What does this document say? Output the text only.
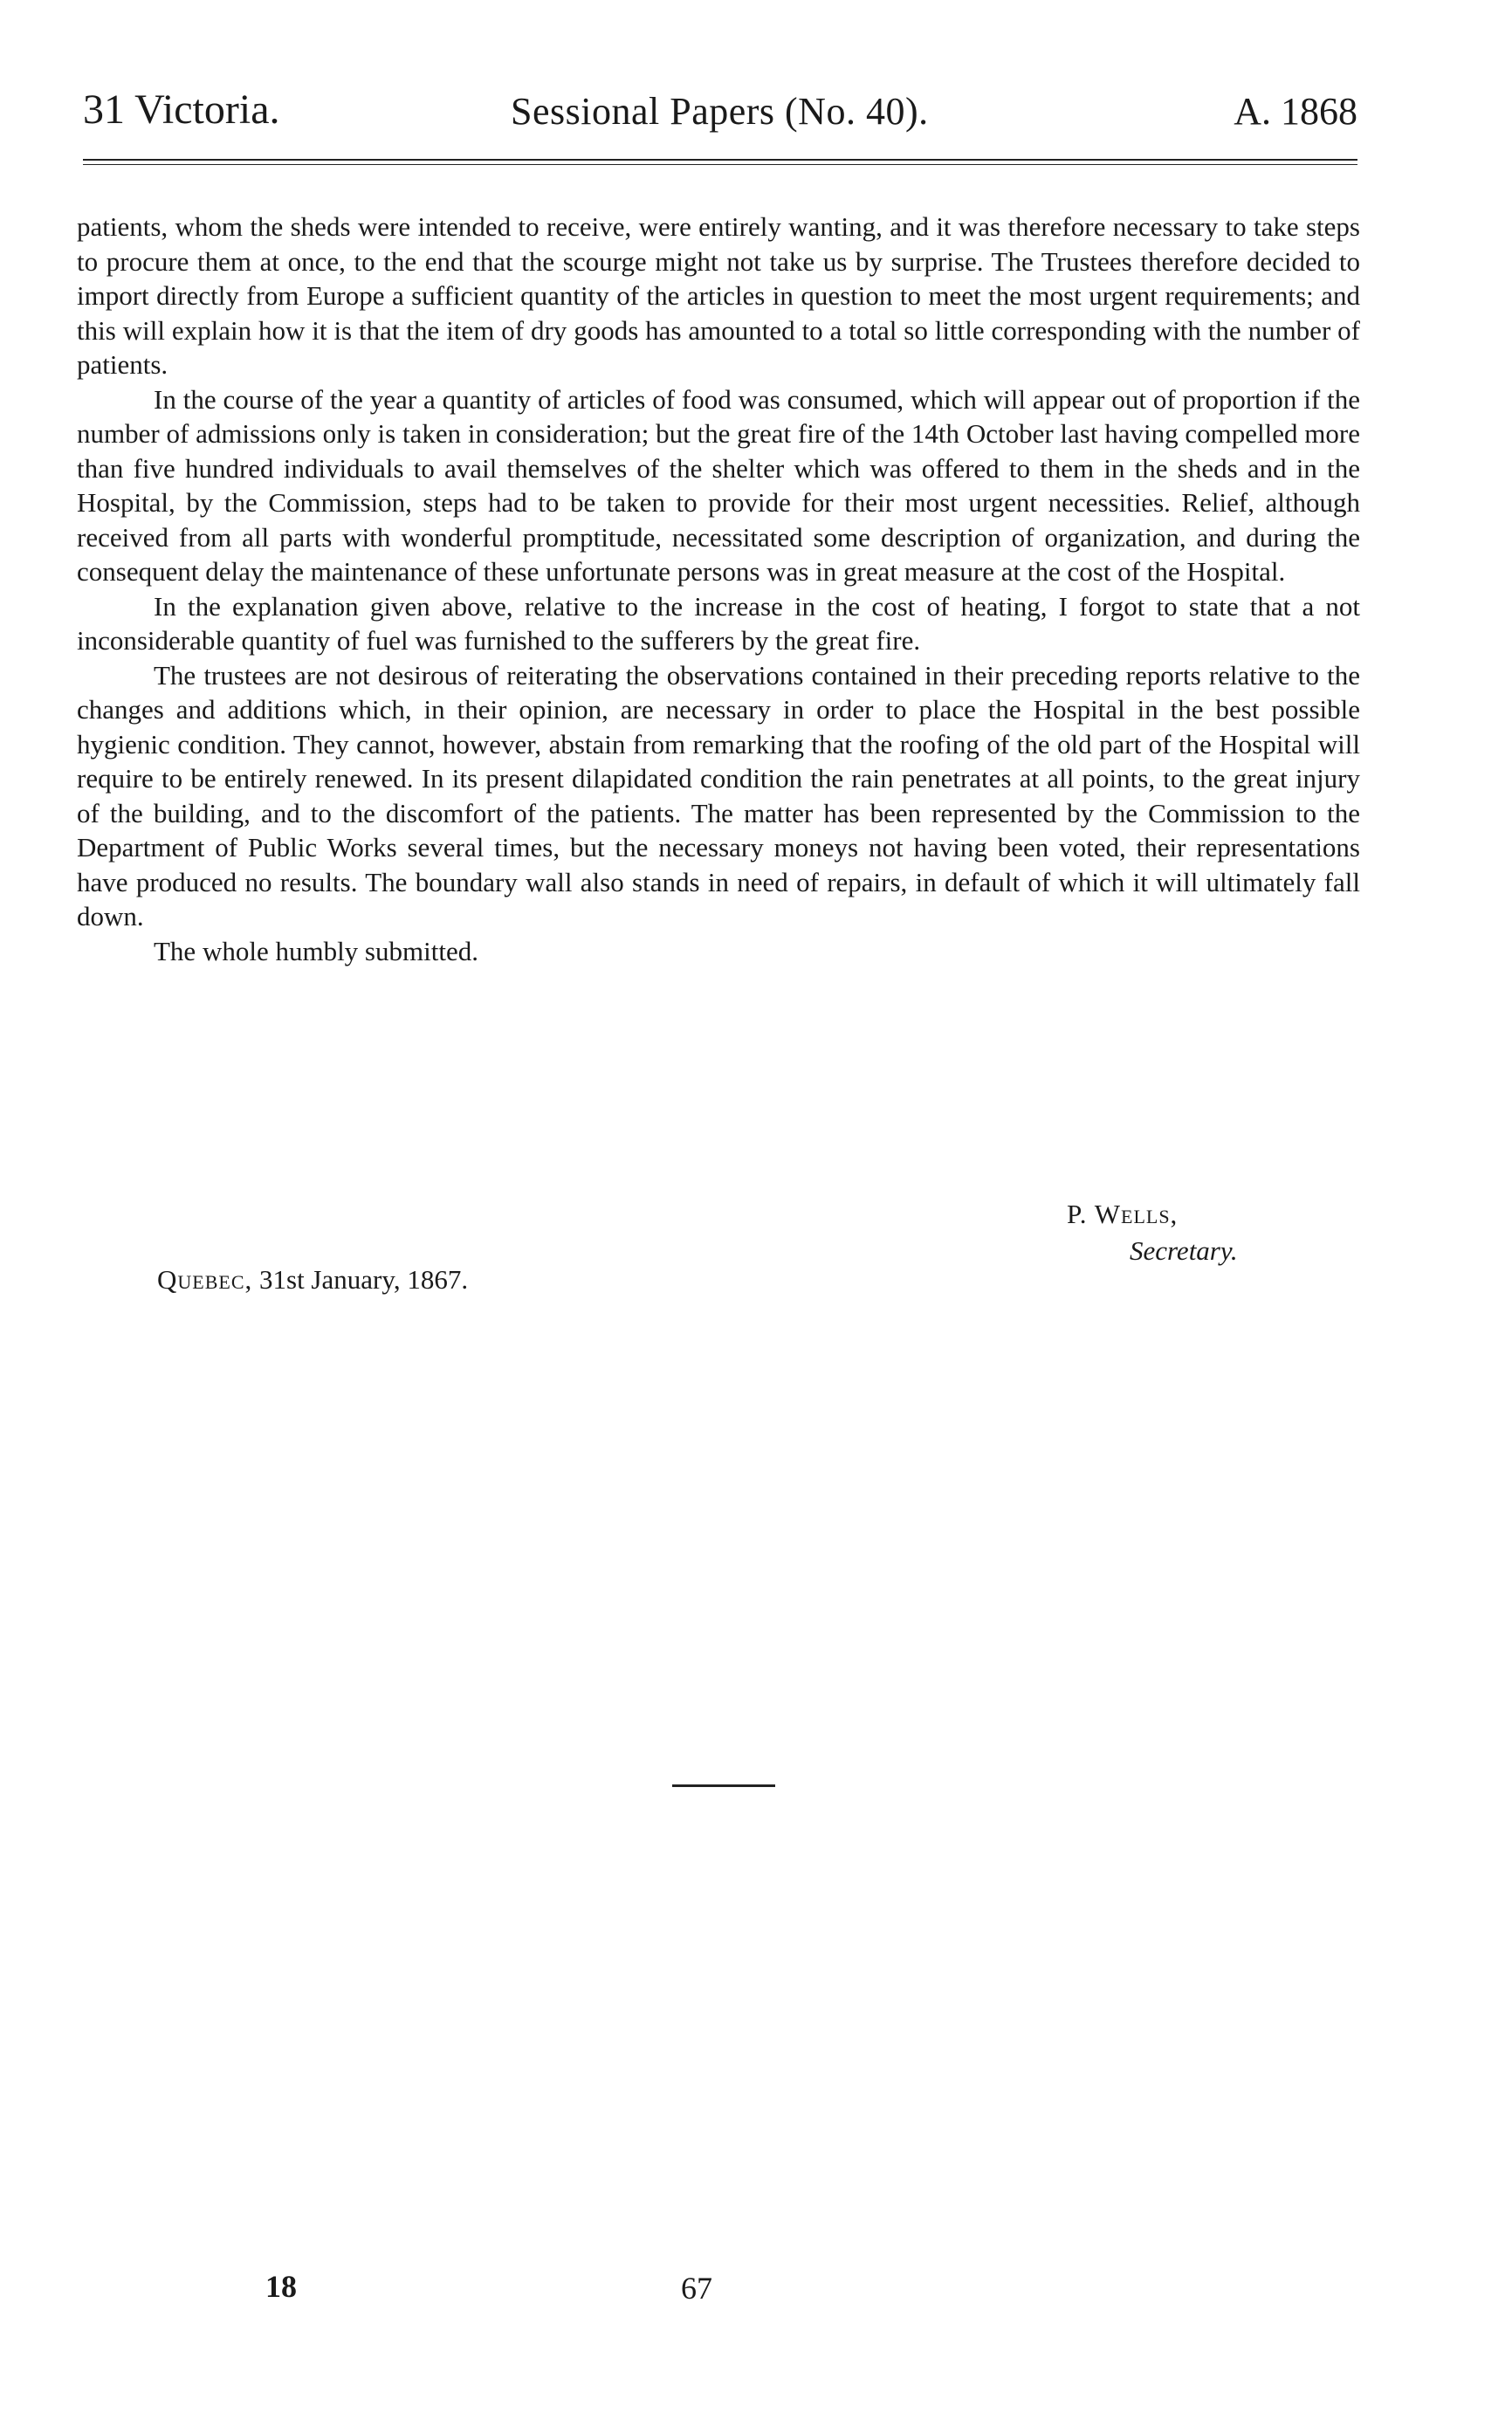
31 Victoria.	Sessional Papers (No. 40).	A. 1868

patients, whom the sheds were intended to receive, were entirely wanting, and it was therefore necessary to take steps to procure them at once, to the end that the scourge might not take us by surprise. The Trustees therefore decided to import directly from Europe a sufficient quantity of the articles in question to meet the most urgent requirements; and this will explain how it is that the item of dry goods has amounted to a total so little corresponding with the number of patients.

In the course of the year a quantity of articles of food was consumed, which will appear out of proportion if the number of admissions only is taken in consideration; but the great fire of the 14th October last having compelled more than five hundred individuals to avail themselves of the shelter which was offered to them in the sheds and in the Hospital, by the Commission, steps had to be taken to provide for their most urgent necessities. Relief, although received from all parts with wonderful promptitude, necessitated some description of organization, and during the consequent delay the maintenance of these unfortunate persons was in great measure at the cost of the Hospital.

In the explanation given above, relative to the increase in the cost of heating, I forgot to state that a not inconsiderable quantity of fuel was furnished to the sufferers by the great fire.

The trustees are not desirous of reiterating the observations contained in their preceding reports relative to the changes and additions which, in their opinion, are necessary in order to place the Hospital in the best possible hygienic condition. They cannot, however, abstain from remarking that the roofing of the old part of the Hospital will require to be entirely renewed. In its present dilapidated condition the rain penetrates at all points, to the great injury of the building, and to the discomfort of the patients. The matter has been represented by the Commission to the Department of Public Works several times, but the necessary moneys not having been voted, their representations have produced no results. The boundary wall also stands in need of repairs, in default of which it will ultimately fall down.

The whole humbly submitted.

P. Wells,
Secretary.
Quebec, 31st January, 1867.
18	67
